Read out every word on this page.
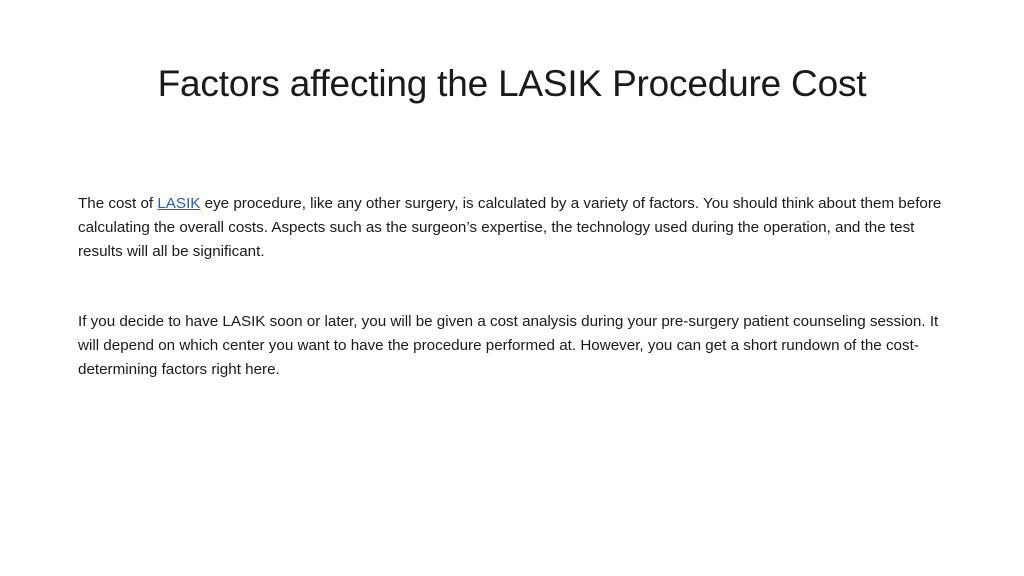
Factors affecting the LASIK Procedure Cost

The cost of LASIK eye procedure, like any other surgery, is calculated by a variety of factors. You should think about them before calculating the overall costs. Aspects such as the surgeon’s expertise, the technology used during the operation, and the test results will all be significant.

If you decide to have LASIK soon or later, you will be given a cost analysis during your pre-surgery patient counseling session. It will depend on which center you want to have the procedure performed at. However, you can get a short rundown of the cost-determining factors right here.
